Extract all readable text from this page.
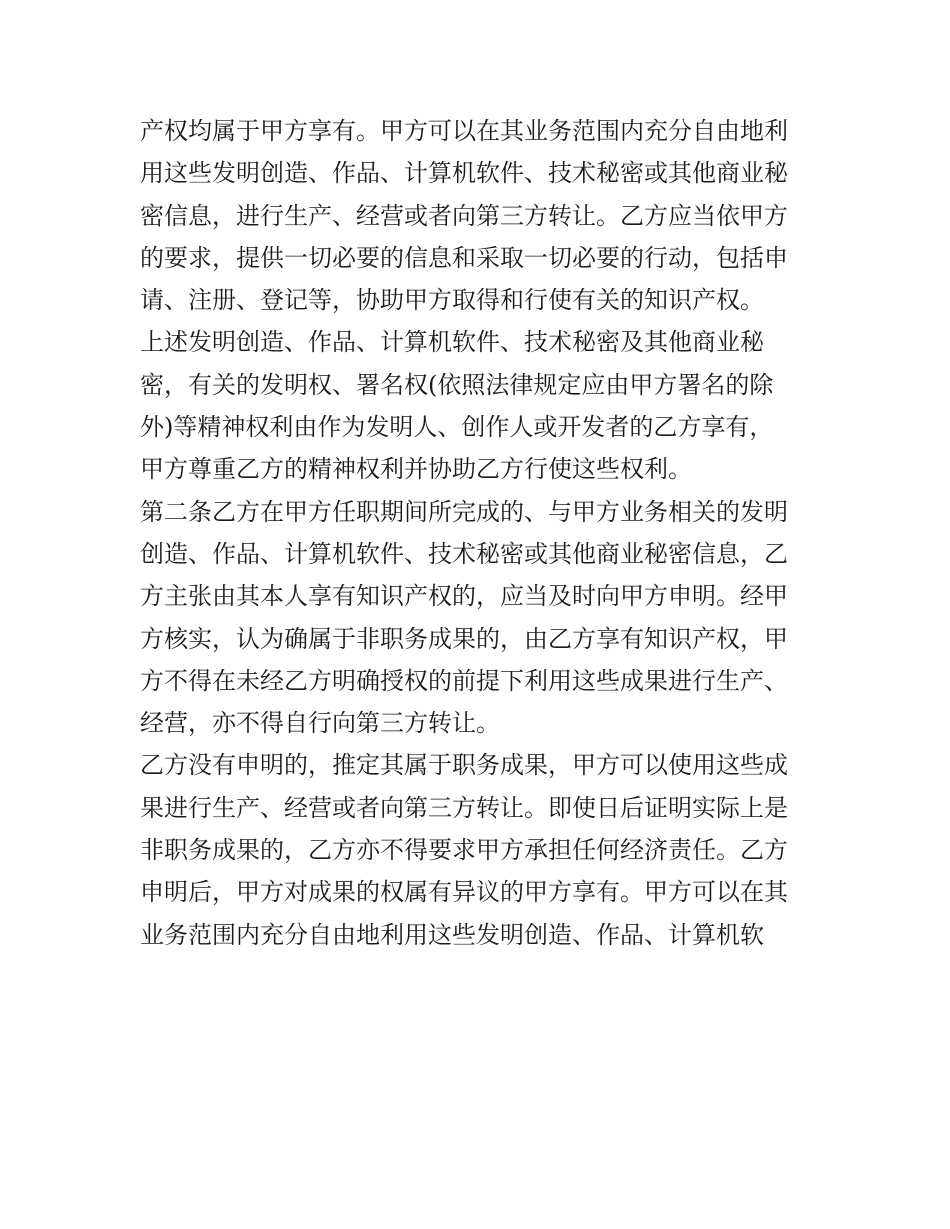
产权均属于甲方享有。甲方可以在其业务范围内充分自由地利
用这些发明创造、作品、计算机软件、技术秘密或其他商业秘
密信息，进行生产、经营或者向第三方转让。乙方应当依甲方
的要求，提供一切必要的信息和采取一切必要的行动，包括申
请、注册、登记等，协助甲方取得和行使有关的知识产权。
上述发明创造、作品、计算机软件、技术秘密及其他商业秘
密，有关的发明权、署名权(依照法律规定应由甲方署名的除
外)等精神权利由作为发明人、创作人或开发者的乙方享有，
甲方尊重乙方的精神权利并协助乙方行使这些权利。
第二条乙方在甲方任职期间所完成的、与甲方业务相关的发明
创造、作品、计算机软件、技术秘密或其他商业秘密信息，乙
方主张由其本人享有知识产权的，应当及时向甲方申明。经甲
方核实，认为确属于非职务成果的，由乙方享有知识产权，甲
方不得在未经乙方明确授权的前提下利用这些成果进行生产、
经营，亦不得自行向第三方转让。
乙方没有申明的，推定其属于职务成果，甲方可以使用这些成
果进行生产、经营或者向第三方转让。即使日后证明实际上是
非职务成果的，乙方亦不得要求甲方承担任何经济责任。乙方
申明后，甲方对成果的权属有异议的甲方享有。甲方可以在其
业务范围内充分自由地利用这些发明创造、作品、计算机软
